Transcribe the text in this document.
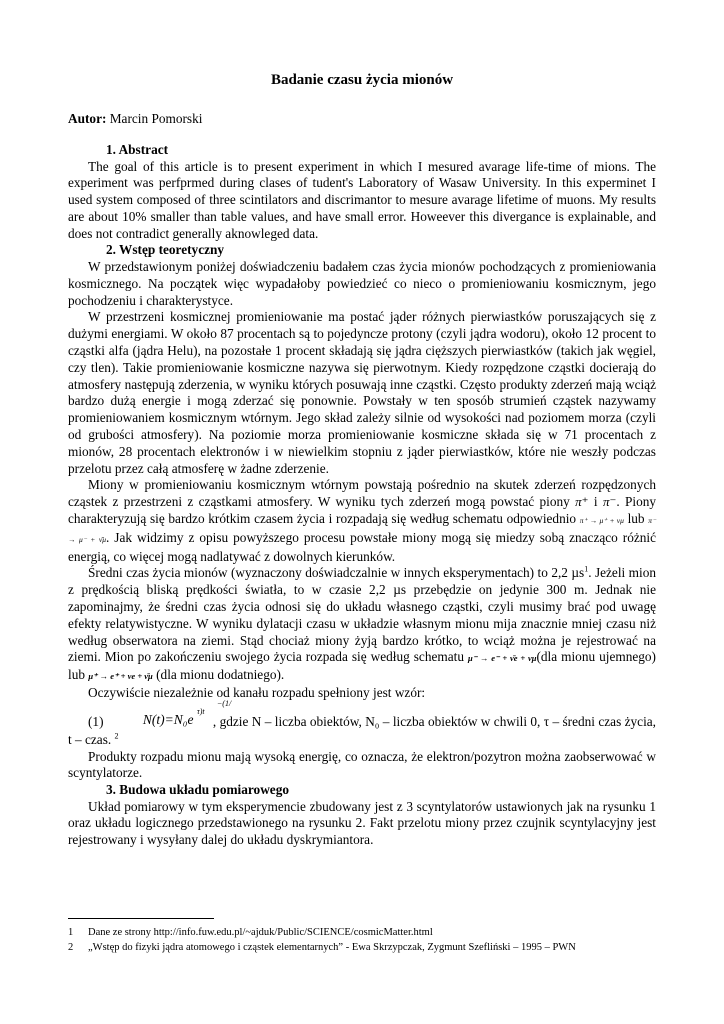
Badanie czasu życia mionów
Autor: Marcin Pomorski
1. Abstract

The goal of this article is to present experiment in which I mesured avarage life-time of mions. The experiment was perfprmed during clases of tudent's Laboratory of Wasaw University. In this experminet I used system composed of three scintilators and discrimantor to mesure avarage lifetime of muons. My results are about 10% smaller than table values, and have small error. Howeever this divergance is explainable, and does not contradict generally aknowleged data.

2. Wstęp teoretyczny

W przedstawionym poniżej doświadczeniu badałem czas życia mionów pochodzących z promieniowania kosmicznego. Na początek więc wypadałoby powiedzieć co nieco o promieniowaniu kosmicznym, jego pochodzeniu i charakterystyce.

W przestrzeni kosmicznej promieniowanie ma postać jąder różnych pierwiastków poruszających się z dużymi energiami. W około 87 procentach są to pojedyncze protony (czyli jądra wodoru), około 12 procent to cząstki alfa (jądra Helu), na pozostałe 1 procent składają się jądra cięższych pierwiastków (takich jak węgiel, czy tlen). Takie promieniowanie kosmiczne nazywa się pierwotnym. Kiedy rozpędzone cząstki docierają do atmosfery następują zderzenia, w wyniku których posuwają inne cząstki. Często produkty zderzeń mają wciąż bardzo dużą energie i mogą zderzać się ponownie. Powstały w ten sposób strumień cząstek nazywamy promieniowaniem kosmicznym wtórnym. Jego skład zależy silnie od wysokości nad poziomem morza (czyli od grubości atmosfery). Na poziomie morza promieniowanie kosmiczne składa się w 71 procentach z mionów, 28 procentach elektronów i w niewielkim stopniu z jąder pierwiastków, które nie weszły podczas przelotu przez całą atmosferę w żadne zderzenie.

Miony w promieniowaniu kosmicznym wtórnym powstają pośrednio na skutek zderzeń rozpędzonych cząstek z przestrzeni z cząstkami atmosfery. W wyniku tych zderzeń mogą powstać piony π⁺ i π⁻. Piony charakteryzują się bardzo krótkim czasem życia i rozpadają się według schematu odpowiednio π⁺ → μ⁺ + νμ lub π⁻ → μ⁻ + ν̄μ. Jak widzimy z opisu powyższego procesu powstałe miony mogą się miedzy sobą znacząco różnić energią, co więcej mogą nadlatywać z dowolnych kierunków.

Średni czas życia mionów (wyznaczony doświadczalnie w innych eksperymentach) to 2,2 µs$^1$. Jeżeli mion z prędkością bliską prędkości światła, to w czasie 2,2 µs przebędzie on jedynie 300 m. Jednak nie zapominajmy, że średni czas życia odnosi się do układu własnego cząstki, czyli musimy brać pod uwagę efekty relatywistyczne. W wyniku dylatacji czasu w układzie własnym mionu mija znacznie mniej czasu niż według obserwatora na ziemi. Stąd chociaż miony żyją bardzo krótko, to wciąż można je rejestrować na ziemi. Mion po zakończeniu swojego życia rozpada się według schematu μ⁻ → e⁻ + ν̄e + νμ(dla mionu ujemnego) lub μ⁺ → e⁺ + νe + ν̄μ (dla mionu dodatniego).

Oczywiście niezależnie od kanału rozpadu spełniony jest wzór:

(1)	N(t)=N₀e
−(1/τ)t
, gdzie N – liczba obiektów, N₀ – liczba obiektów w chwili 0, τ – średni czas życia, t – czas. $^2$

Produkty rozpadu mionu mają wysoką energię, co oznacza, że elektron/pozytron można zaobserwować w scyntylatorze.

3. Budowa układu pomiarowego

Układ pomiarowy w tym eksperymencie zbudowany jest z 3 scyntylatorów ustawionych jak na rysunku 1 oraz układu logicznego przedstawionego na rysunku 2. Fakt przelotu miony przez czujnik scyntylacyjny jest rejestrowany i wysyłany dalej do układu dyskrymiantora.

1 Dane ze strony http://info.fuw.edu.pl/~ajduk/Public/SCIENCE/cosmicMatter.html
2 „Wstęp do fizyki jądra atomowego i cząstek elementarnych” - Ewa Skrzypczak, Zygmunt Szefliński – 1995 – PWN
